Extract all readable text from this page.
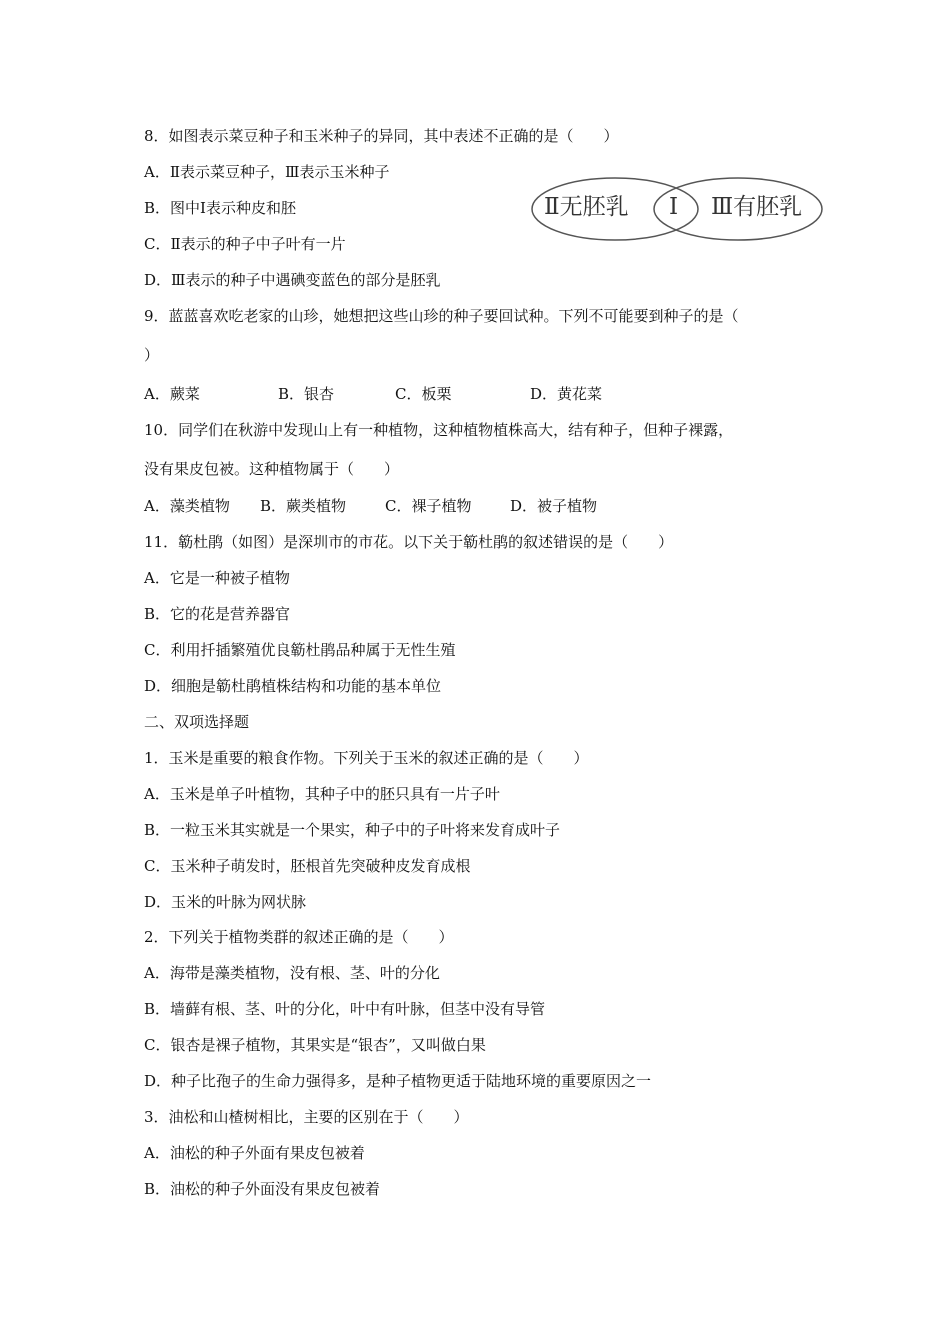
8．如图表示菜豆种子和玉米种子的异同，其中表述不正确的是（　　）
A．Ⅱ表示菜豆种子，Ⅲ表示玉米种子
B．图中Ⅰ表示种皮和胚
C．Ⅱ表示的种子中子叶有一片
D．Ⅲ表示的种子中遇碘变蓝色的部分是胚乳
Ⅱ无胚乳 Ⅰ Ⅲ有胚乳
9．蓝蓝喜欢吃老家的山珍，她想把这些山珍的种子要回试种。下列不可能要到种子的是（
）
A．蕨菜	B．银杏	C．板栗	D．黄花菜
10．同学们在秋游中发现山上有一种植物，这种植物植株高大，结有种子，但种子裸露，
没有果皮包被。这种植物属于（　　）
A．藻类植物 B．蕨类植物	C．裸子植物	D．被子植物
11．簕杜鹃（如图）是深圳市的市花。以下关于簕杜鹃的叙述错误的是（　　）
A．它是一种被子植物
B．它的花是营养器官
C．利用扦插繁殖优良簕杜鹃品种属于无性生殖
D．细胞是簕杜鹃植株结构和功能的基本单位
二、双项选择题
1．玉米是重要的粮食作物。下列关于玉米的叙述正确的是（　　）
A．玉米是单子叶植物，其种子中的胚只具有一片子叶
B．一粒玉米其实就是一个果实，种子中的子叶将来发育成叶子
C．玉米种子萌发时，胚根首先突破种皮发育成根
D．玉米的叶脉为网状脉
2．下列关于植物类群的叙述正确的是（　　）
A．海带是藻类植物，没有根、茎、叶的分化
B．墙藓有根、茎、叶的分化，叶中有叶脉，但茎中没有导管
C．银杏是裸子植物，其果实是“银杏”，又叫做白果
D．种子比孢子的生命力强得多，是种子植物更适于陆地环境的重要原因之一
3．油松和山楂树相比，主要的区别在于（　　）
A．油松的种子外面有果皮包被着
B．油松的种子外面没有果皮包被着
